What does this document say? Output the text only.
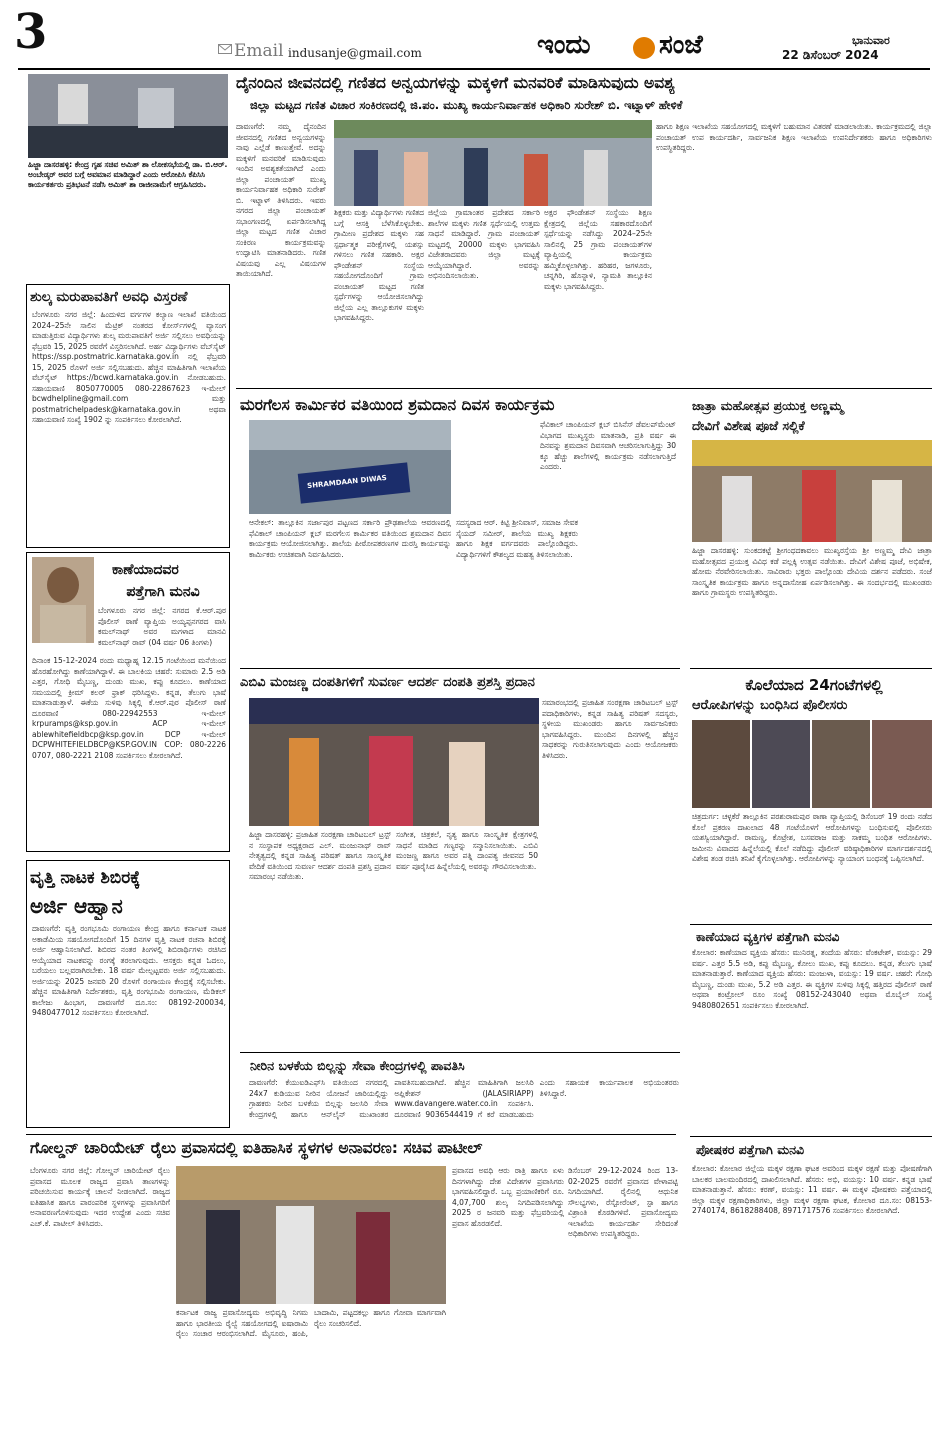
3	Email indusanje@gmail.com	ಇಂದು	ಸಂಜೆ	ಭಾನುವಾರ
22 ಡಿಸೆಂಬರ್ 2024
ಹಿಜ್ಜಾ ದಾಸರಹಳ್ಳಿ: ಕೇಂದ್ರ ಗೃಹ ಸಚಿವ ಅಮಿತ್ ಶಾ ಲೋಕಸಭೆಯಲ್ಲಿ ಡಾ. ಬಿ.ಆರ್. ಅಂಬೇಡ್ಕರ್ ಅವರ ಬಗ್ಗೆ ಅವಮಾನ ಮಾಡಿದ್ದಾರೆ ಎಂದು ಆರೋಪಿಸಿ ಕೆಪಿಸಿಸಿ ಕಾರ್ಯಕರ್ತರು ಪ್ರತಿಭಟನೆ ನಡೆಸಿ ಅಮಿತ್ ಶಾ ರಾಜೀನಾಮೆಗೆ ಆಗ್ರಹಿಸಿದರು.
ಶುಲ್ಕ ಮರುಪಾವತಿಗೆ ಅವಧಿ ವಿಸ್ತರಣೆ
ಬೆಂಗಳೂರು ನಗರ ಜಿಲ್ಲೆ: ಹಿಂದುಳಿದ ವರ್ಗಗಳ ಕಲ್ಯಾಣ ಇಲಾಖೆ ವತಿಯಿಂದ 2024–25ನೇ ಸಾಲಿನ ಮೆಟ್ರಿಕ್ ನಂತರದ ಕೋರ್ಸ್‌ಗಳಲ್ಲಿ ವ್ಯಾಸಂಗ ಮಾಡುತ್ತಿರುವ ವಿದ್ಯಾರ್ಥಿಗಳು ಶುಲ್ಕ ಮರುಪಾವತಿಗೆ ಅರ್ಜಿ ಸಲ್ಲಿಸಲು ಅವಧಿಯನ್ನು ಫೆಬ್ರವರಿ 15, 2025 ರವರೆಗೆ ವಿಸ್ತರಿಸಲಾಗಿದೆ. ಅರ್ಹ ವಿದ್ಯಾರ್ಥಿಗಳು ವೆಬ್‌ಸೈಟ್ https://ssp.postmatric.karnataka.gov.in ನಲ್ಲಿ ಫೆಬ್ರವರಿ 15, 2025 ರೊಳಗೆ ಅರ್ಜಿ ಸಲ್ಲಿಸಬಹುದು. ಹೆಚ್ಚಿನ ಮಾಹಿತಿಗಾಗಿ ಇಲಾಖೆಯ ವೆಬ್‌ಸೈಟ್ https://bcwd.karnataka.gov.in ನೋಡಬಹುದು. ಸಹಾಯವಾಣಿ 8050770005 080-22867623 ಇ-ಮೇಲ್ bcwdhelpline@gmail.com ಮತ್ತು postmatrichelpadesk@karnataka.gov.in ಅಥವಾ ಸಹಾಯವಾಣಿ ಸಂಖ್ಯೆ 1902 ನ್ನು ಸಂಪರ್ಕಿಸಲು ಕೋರಲಾಗಿದೆ.
ಕಾಣೆಯಾದವರ
ಪತ್ತೆಗಾಗಿ ಮನವಿ
ಬೆಂಗಳೂರು ನಗರ ಜಿಲ್ಲೆ: ನಗರದ ಕೆ.ಆರ್.ಪುರ ಪೊಲೀಸ್ ಠಾಣೆ ವ್ಯಾಪ್ತಿಯ ಅಯ್ಯಪ್ಪನಗರದ ವಾಸಿ ಕಮಲ್‌ನಾಥ್ ಅವರ ಮಗಳಾದ ಮಾನವಿ ಕಮಲ್‌ನಾಥ್ ರಾವ್ (04 ವರ್ಷ 06 ತಿಂಗಳು)
ದಿನಾಂಕ 15-12-2024 ರಂದು ಮಧ್ಯಾಹ್ನ 12.15 ಗಂಟೆಯಿಂದ ಮನೆಯಿಂದ ಹೊರಹೋಗಿದ್ದು ಕಾಣೆಯಾಗಿದ್ದಾಳೆ. ಈ ಬಾಲಕಿಯ ಚಹರೆ: ಸುಮಾರು 2.5 ಅಡಿ ಎತ್ತರ, ಗೋಧಿ ಮೈಬಣ್ಣ, ದುಂಡು ಮುಖ, ಕಪ್ಪು ಕೂದಲು. ಕಾಣೆಯಾದ ಸಮಯದಲ್ಲಿ ಕ್ರೀಮ್ ಕಲರ್ ಫ್ರಾಕ್ ಧರಿಸಿದ್ದಳು. ಕನ್ನಡ, ತೆಲುಗು ಭಾಷೆ ಮಾತನಾಡುತ್ತಾಳೆ. ಈಕೆಯ ಸುಳಿವು ಸಿಕ್ಕಲ್ಲಿ ಕೆ.ಆರ್.ಪುರ ಪೊಲೀಸ್ ಠಾಣೆ ದೂರವಾಣಿ 080-22942553 ಇ-ಮೇಲ್ krpuramps@ksp.gov.in ACP ಇ-ಮೇಲ್ ablewhitefieldbcp@ksp.gov.in DCP ಇ-ಮೇಲ್ DCPWHITEFIELDBCP@KSP.GOV.IN COP: 080-2226 0707, 080-2221 2108 ಸಂಪರ್ಕಿಸಲು ಕೋರಲಾಗಿದೆ.
ವೃತ್ತಿ ನಾಟಕ ಶಿಬಿರಕ್ಕೆ
ಅರ್ಜಿ ಆಹ್ವಾನ
ದಾವಣಗೆರೆ: ವೃತ್ತಿ ರಂಗಭೂಮಿ ರಂಗಾಯಣ ಕೇಂದ್ರ ಹಾಗೂ ಕರ್ನಾಟಕ ನಾಟಕ ಅಕಾಡೆಮಿಯ ಸಹಯೋಗದೊಂದಿಗೆ 15 ದಿನಗಳ ವೃತ್ತಿ ನಾಟಕ ರಚನಾ ಶಿಬಿರಕ್ಕೆ ಅರ್ಜಿ ಆಹ್ವಾನಿಸಲಾಗಿದೆ. ಶಿಬಿರದ ನಂತರ ತಿಂಗಳಲ್ಲಿ ಶಿಬಿರಾರ್ಥಿಗಳು ರಚಿಸಿದ ಆಯ್ಕೆಯಾದ ನಾಟಕವನ್ನು ರಂಗಕ್ಕೆ ತರಲಾಗುವುದು. ಆಸಕ್ತರು ಕನ್ನಡ ಓದಲು, ಬರೆಯಲು ಬಲ್ಲವರಾಗಿರಬೇಕು. 18 ವರ್ಷ ಮೇಲ್ಪಟ್ಟವರು ಅರ್ಜಿ ಸಲ್ಲಿಸಬಹುದು. ಅರ್ಜಿಯನ್ನು 2025 ಜನವರಿ 20 ರೊಳಗೆ ರಂಗಾಯಣ ಕೇಂದ್ರಕ್ಕೆ ಸಲ್ಲಿಸಬೇಕು. ಹೆಚ್ಚಿನ ಮಾಹಿತಿಗಾಗಿ ನಿರ್ದೇಶಕರು, ವೃತ್ತಿ ರಂಗಭೂಮಿ ರಂಗಾಯಣ, ಮೆಡಿಕಲ್ ಕಾಲೇಜು ಹಿಂಭಾಗ, ದಾವಣಗೆರೆ ದೂ.ಸಂ: 08192-200034, 9480477012 ಸಂಪರ್ಕಿಸಲು ಕೋರಲಾಗಿದೆ.
ದೈನಂದಿನ ಜೀವನದಲ್ಲಿ ಗಣಿತದ ಅನ್ವಯಗಳನ್ನು ಮಕ್ಕಳಿಗೆ ಮನವರಿಕೆ ಮಾಡಿಸುವುದು ಅವಶ್ಯ
ಜಿಲ್ಲಾ ಮಟ್ಟದ ಗಣಿತ ವಿಚಾರ ಸಂಕಿರಣದಲ್ಲಿ ಜಿ.ಪಂ. ಮುಖ್ಯ ಕಾರ್ಯನಿರ್ವಾಹಕ ಅಧಿಕಾರಿ ಸುರೇಶ್ ಬಿ. ಇಟ್ನಾಳ್ ಹೇಳಿಕೆ
ದಾವಣಗೆರೆ: ನಮ್ಮ ದೈನಂದಿನ ಜೀವನದಲ್ಲಿ ಗಣಿತದ ಅನ್ವಯಗಳನ್ನು ನಾವು ಎಲ್ಲೆಡೆ ಕಾಣುತ್ತೇವೆ. ಅದನ್ನು ಮಕ್ಕಳಿಗೆ ಮನವರಿಕೆ ಮಾಡಿಸುವುದು ಇಂದಿನ ಅವಶ್ಯಕತೆಯಾಗಿದೆ ಎಂದು ಜಿಲ್ಲಾ ಪಂಚಾಯತ್ ಮುಖ್ಯ ಕಾರ್ಯನಿರ್ವಾಹಕ ಅಧಿಕಾರಿ ಸುರೇಶ್ ಬಿ. ಇಟ್ನಾಳ್ ತಿಳಿಸಿದರು. ಇವರು ನಗರದ ಜಿಲ್ಲಾ ಪಂಚಾಯತ್ ಸಭಾಂಗಣದಲ್ಲಿ ಏರ್ಪಡಿಸಲಾಗಿದ್ದ ಜಿಲ್ಲಾ ಮಟ್ಟದ ಗಣಿತ ವಿಚಾರ ಸಂಕಿರಣ ಕಾರ್ಯಕ್ರಮವನ್ನು ಉದ್ಘಾಟಿಸಿ ಮಾತನಾಡಿದರು. ಗಣಿತ ವಿಷಯವು ಎಲ್ಲ ವಿಷಯಗಳ ತಾಯಿಯಾಗಿದೆ.
ಶಿಕ್ಷಕರು ಮತ್ತು ವಿದ್ಯಾರ್ಥಿಗಳು ಗಣಿತದ ಬಗ್ಗೆ ಆಸಕ್ತಿ ಬೆಳೆಸಿಕೊಳ್ಳಬೇಕು. ಗ್ರಾಮೀಣ ಪ್ರದೇಶದ ಮಕ್ಕಳು ಸಹ ಸ್ಪರ್ಧಾತ್ಮಕ ಪರೀಕ್ಷೆಗಳಲ್ಲಿ ಯಶಸ್ಸು ಗಳಿಸಲು ಗಣಿತ ಸಹಕಾರಿ. ಅಕ್ಷರ ಫೌಂಡೇಶನ್ ಸಂಸ್ಥೆಯ ಸಹಯೋಗದೊಂದಿಗೆ ಗ್ರಾಮ ಪಂಚಾಯತ್ ಮಟ್ಟದ ಗಣಿತ ಸ್ಪರ್ಧೆಗಳನ್ನು ಆಯೋಜಿಸಲಾಗಿದ್ದು ಜಿಲ್ಲೆಯ ಎಲ್ಲ ತಾಲ್ಲೂಕುಗಳ ಮಕ್ಕಳು ಭಾಗವಹಿಸಿದ್ದರು.
ಜಿಲ್ಲೆಯ ಗ್ರಾಮಾಂತರ ಪ್ರದೇಶದ ಸರ್ಕಾರಿ ಶಾಲೆಗಳ ಮಕ್ಕಳು ಗಣಿತ ಸ್ಪರ್ಧೆಯಲ್ಲಿ ಉತ್ತಮ ಸಾಧನೆ ಮಾಡಿದ್ದಾರೆ. ಗ್ರಾಮ ಪಂಚಾಯತ್ ಮಟ್ಟದಲ್ಲಿ 20000 ಮಕ್ಕಳು ಭಾಗವಹಿಸಿ ವಿಜೇತರಾದವರು ಜಿಲ್ಲಾ ಮಟ್ಟಕ್ಕೆ ಆಯ್ಕೆಯಾಗಿದ್ದಾರೆ. ಅವರನ್ನು ಅಭಿನಂದಿಸಲಾಯಿತು.
ಅಕ್ಷರ ಫೌಂಡೇಶನ್ ಸಂಸ್ಥೆಯು ಶಿಕ್ಷಣ ಕ್ಷೇತ್ರದಲ್ಲಿ ಜಿಲ್ಲೆಯ ಸಹಕಾರದೊಂದಿಗೆ ಸ್ಪರ್ಧೆಯನ್ನು ನಡೆಸಿದ್ದು 2024–25ನೇ ಸಾಲಿನಲ್ಲಿ 25 ಗ್ರಾಮ ಪಂಚಾಯತ್‌ಗಳ ವ್ಯಾಪ್ತಿಯಲ್ಲಿ ಕಾರ್ಯಕ್ರಮ ಹಮ್ಮಿಕೊಳ್ಳಲಾಗಿತ್ತು. ಹರಿಹರ, ಜಗಳೂರು, ಚನ್ನಗಿರಿ, ಹೊನ್ನಾಳಿ, ನ್ಯಾಮತಿ ತಾಲ್ಲೂಕಿನ ಮಕ್ಕಳು ಭಾಗವಹಿಸಿದ್ದರು.
ಹಾಗೂ ಶಿಕ್ಷಣ ಇಲಾಖೆಯ ಸಹಯೋಗದಲ್ಲಿ ಮಕ್ಕಳಿಗೆ ಬಹುಮಾನ ವಿತರಣೆ ಮಾಡಲಾಯಿತು. ಕಾರ್ಯಕ್ರಮದಲ್ಲಿ ಜಿಲ್ಲಾ ಪಂಚಾಯತ್ ಉಪ ಕಾರ್ಯದರ್ಶಿ, ಸಾರ್ವಜನಿಕ ಶಿಕ್ಷಣ ಇಲಾಖೆಯ ಉಪನಿರ್ದೇಶಕರು ಹಾಗೂ ಅಧಿಕಾರಿಗಳು ಉಪಸ್ಥಿತರಿದ್ದರು.
ಮರಗೆಲಸ ಕಾರ್ಮಿಕರ ವತಿಯಿಂದ ಶ್ರಮದಾನ ದಿವಸ ಕಾರ್ಯಕ್ರಮ
SHRAMDAAN DIWAS
ಆನೇಕಲ್: ತಾಲ್ಲೂಕಿನ ಸರ್ಜಾಪುರ ಪಟ್ಟಣದ ಸರ್ಕಾರಿ ಪ್ರೌಢಶಾಲೆಯ ಆವರಣದಲ್ಲಿ ಫೆವಿಕಾಲ್ ಚಾಂಪಿಯನ್ ಕ್ಲಬ್ ಮರಗೆಲಸ ಕಾರ್ಮಿಕರ ವತಿಯಿಂದ ಶ್ರಮದಾನ ದಿವಸ ಕಾರ್ಯಕ್ರಮ ಆಯೋಜಿಸಲಾಗಿತ್ತು. ಶಾಲೆಯ ಪೀಠೋಪಕರಣಗಳ ದುರಸ್ತಿ ಕಾರ್ಯವನ್ನು ಕಾರ್ಮಿಕರು ಉಚಿತವಾಗಿ ನಿರ್ವಹಿಸಿದರು.
ಸದಸ್ಯರಾದ ಆರ್. ಕಿಟ್ಟಿ ಶ್ರೀನಿವಾಸ್, ಸಮಾಜ ಸೇವಕ ಸೈಯದ್ ಸಮೀರ್, ಶಾಲೆಯ ಮುಖ್ಯ ಶಿಕ್ಷಕರು ಹಾಗೂ ಶಿಕ್ಷಕ ವರ್ಗದವರು ಪಾಲ್ಗೊಂಡಿದ್ದರು. ವಿದ್ಯಾರ್ಥಿಗಳಿಗೆ ಕೌಶಲ್ಯದ ಮಹತ್ವ ತಿಳಿಸಲಾಯಿತು.
ಫೆವಿಕಾಲ್ ಚಾಂಪಿಯನ್ ಕ್ಲಬ್ ಬಿಸಿನೆಸ್ ಡೆವಲಪ್‌ಮೆಂಟ್ ವಿಭಾಗದ ಮುಖ್ಯಸ್ಥರು ಮಾತನಾಡಿ, ಪ್ರತಿ ವರ್ಷ ಈ ದಿನವನ್ನು ಶ್ರಮದಾನ ದಿವಸವಾಗಿ ಆಚರಿಸಲಾಗುತ್ತಿದ್ದು 30 ಕ್ಕೂ ಹೆಚ್ಚು ಶಾಲೆಗಳಲ್ಲಿ ಕಾರ್ಯಕ್ರಮ ನಡೆಸಲಾಗುತ್ತಿದೆ ಎಂದರು.
ಜಾತ್ರಾ ಮಹೋತ್ಸವ ಪ್ರಯುಕ್ತ ಅಣ್ಣಮ್ಮ
ದೇವಿಗೆ ವಿಶೇಷ ಪೂಜೆ ಸಲ್ಲಿಕೆ
ಹಿಜ್ಜಾ ದಾಸರಹಳ್ಳಿ: ಸುಂಕದಕಟ್ಟೆ ಶ್ರೀಗಂಧದಕಾವಲು ಮುಖ್ಯರಸ್ತೆಯ ಶ್ರೀ ಅಣ್ಣಮ್ಮ ದೇವಿ ಜಾತ್ರಾ ಮಹೋತ್ಸವದ ಪ್ರಯುಕ್ತ ವಿವಿಧ ಕಡೆ ಪಲ್ಲಕ್ಕಿ ಉತ್ಸವ ನಡೆಯಿತು. ದೇವಿಗೆ ವಿಶೇಷ ಪೂಜೆ, ಅಭಿಷೇಕ, ಹೋಮ ನೆರವೇರಿಸಲಾಯಿತು. ಸಾವಿರಾರು ಭಕ್ತರು ಪಾಲ್ಗೊಂಡು ದೇವಿಯ ದರ್ಶನ ಪಡೆದರು. ಸಂಜೆ ಸಾಂಸ್ಕೃತಿಕ ಕಾರ್ಯಕ್ರಮ ಹಾಗೂ ಅನ್ನದಾಸೋಹ ಏರ್ಪಡಿಸಲಾಗಿತ್ತು. ಈ ಸಂದರ್ಭದಲ್ಲಿ ಮುಖಂಡರು ಹಾಗೂ ಗ್ರಾಮಸ್ಥರು ಉಪಸ್ಥಿತರಿದ್ದರು.
ಎಬಿವಿ ಮಂಜಣ್ಣ ದಂಪತಿಗಳಿಗೆ ಸುವರ್ಣ ಆದರ್ಶ ದಂಪತಿ ಪ್ರಶಸ್ತಿ ಪ್ರದಾನ
ಹಿಜ್ಜಾ ದಾಸರಹಳ್ಳಿ: ಪ್ರಜಾಹಿತ ಸಂರಕ್ಷಣಾ ಚಾರಿಟಬಲ್ ಟ್ರಸ್ಟ್ ನ ಸಂಸ್ಥಾಪಕ ಅಧ್ಯಕ್ಷರಾದ ಎಲ್. ಮಂಜುನಾಥ್ ರಾವ್ ನೇತೃತ್ವದಲ್ಲಿ ಕನ್ನಡ ಸಾಹಿತ್ಯ ಪರಿಷತ್ ಹಾಗೂ ಸಾಂಸ್ಕೃತಿಕ ವೇದಿಕೆ ವತಿಯಿಂದ ಸುವರ್ಣ ಆದರ್ಶ ದಂಪತಿ ಪ್ರಶಸ್ತಿ ಪ್ರದಾನ ಸಮಾರಂಭ ನಡೆಯಿತು.
ಸಂಗೀತ, ಚಿತ್ರಕಲೆ, ನೃತ್ಯ ಹಾಗೂ ಸಾಂಸ್ಕೃತಿಕ ಕ್ಷೇತ್ರಗಳಲ್ಲಿ ಸಾಧನೆ ಮಾಡಿದ ಗಣ್ಯರನ್ನು ಸನ್ಮಾನಿಸಲಾಯಿತು. ಎಬಿವಿ ಮಂಜಣ್ಣ ಹಾಗೂ ಅವರ ಪತ್ನಿ ದಾಂಪತ್ಯ ಜೀವನದ 50 ವರ್ಷ ಪೂರೈಸಿದ ಹಿನ್ನೆಲೆಯಲ್ಲಿ ಅವರನ್ನು ಗೌರವಿಸಲಾಯಿತು.
ಸಮಾರಂಭದಲ್ಲಿ ಪ್ರಜಾಹಿತ ಸಂರಕ್ಷಣಾ ಚಾರಿಟಬಲ್ ಟ್ರಸ್ಟ್ ಪದಾಧಿಕಾರಿಗಳು, ಕನ್ನಡ ಸಾಹಿತ್ಯ ಪರಿಷತ್ ಸದಸ್ಯರು, ಸ್ಥಳೀಯ ಮುಖಂಡರು ಹಾಗೂ ಸಾರ್ವಜನಿಕರು ಭಾಗವಹಿಸಿದ್ದರು. ಮುಂದಿನ ದಿನಗಳಲ್ಲಿ ಹೆಚ್ಚಿನ ಸಾಧಕರನ್ನು ಗುರುತಿಸಲಾಗುವುದು ಎಂದು ಆಯೋಜಕರು ತಿಳಿಸಿದರು.
ನೀರಿನ ಬಳಕೆಯ ಬಿಲ್ಲನ್ನು ಸೇವಾ ಕೇಂದ್ರಗಳಲ್ಲಿ ಪಾವತಿಸಿ
ದಾವಣಗೆರೆ: ಕೆಯುಐಡಿಎಫ್‌ಸಿ ವತಿಯಿಂದ ನಗರದಲ್ಲಿ 24x7 ಕುಡಿಯುವ ನೀರಿನ ಯೋಜನೆ ಜಾರಿಯಲ್ಲಿದ್ದು ಗ್ರಾಹಕರು ನೀರಿನ ಬಳಕೆಯ ಬಿಲ್ಲನ್ನು ಜಲಸಿರಿ ಸೇವಾ ಕೇಂದ್ರಗಳಲ್ಲಿ ಹಾಗೂ ಆನ್‌ಲೈನ್ ಮುಖಾಂತರ ಪಾವತಿಸಬಹುದಾಗಿದೆ. ಹೆಚ್ಚಿನ ಮಾಹಿತಿಗಾಗಿ ಜಲಸಿರಿ ಅಪ್ಲಿಕೇಶನ್ (JALASIRIAPP) www.davangere.water.co.in ಸಂಪರ್ಕಿಸಿ. ದೂರವಾಣಿ 9036544419 ಗೆ ಕರೆ ಮಾಡಬಹುದು ಎಂದು ಸಹಾಯಕ ಕಾರ್ಯಪಾಲಕ ಅಭಿಯಂತರರು ತಿಳಿಸಿದ್ದಾರೆ.
ಕೊಲೆಯಾದ 24ಗಂಟೆಗಳಲ್ಲಿ
ಆರೋಪಿಗಳನ್ನು ಬಂಧಿಸಿದ ಪೊಲೀಸರು
ಚಿತ್ರದುರ್ಗ: ಚಳ್ಳಕೆರೆ ತಾಲ್ಲೂಕಿನ ಪರಶುರಾಮಪುರ ಠಾಣಾ ವ್ಯಾಪ್ತಿಯಲ್ಲಿ ಡಿಸೆಂಬರ್ 19 ರಂದು ನಡೆದ ಕೊಲೆ ಪ್ರಕರಣ ದಾಖಲಾದ 48 ಗಂಟೆಯೊಳಗೆ ಆರೋಪಿಗಳನ್ನು ಬಂಧಿಸುವಲ್ಲಿ ಪೊಲೀಸರು ಯಶಸ್ವಿಯಾಗಿದ್ದಾರೆ. ರಾಮಣ್ಣ, ಕೊಟ್ರೇಶ, ಬಸವರಾಜ ಮತ್ತು ಸಾಕಮ್ಮ ಬಂಧಿತ ಆರೋಪಿಗಳು. ಜಮೀನು ವಿವಾದದ ಹಿನ್ನೆಲೆಯಲ್ಲಿ ಕೊಲೆ ನಡೆದಿದ್ದು ಪೊಲೀಸ್ ವರಿಷ್ಠಾಧಿಕಾರಿಗಳ ಮಾರ್ಗದರ್ಶನದಲ್ಲಿ ವಿಶೇಷ ತಂಡ ರಚಿಸಿ ತನಿಖೆ ಕೈಗೊಳ್ಳಲಾಗಿತ್ತು. ಆರೋಪಿಗಳನ್ನು ನ್ಯಾಯಾಂಗ ಬಂಧನಕ್ಕೆ ಒಪ್ಪಿಸಲಾಗಿದೆ.
ಕಾಣೆಯಾದ ವ್ಯಕ್ತಿಗಳ ಪತ್ತೆಗಾಗಿ ಮನವಿ
ಕೋಲಾರ: ಕಾಣೆಯಾದ ವ್ಯಕ್ತಿಯ ಹೆಸರು: ಮುನಿರತ್ನ, ತಂದೆಯ ಹೆಸರು: ವೆಂಕಟೇಶ್, ವಯಸ್ಸು: 29 ವರ್ಷ. ಎತ್ತರ 5.5 ಅಡಿ, ಕಪ್ಪು ಮೈಬಣ್ಣ, ಕೋಲು ಮುಖ, ಕಪ್ಪು ಕೂದಲು. ಕನ್ನಡ, ತೆಲುಗು ಭಾಷೆ ಮಾತನಾಡುತ್ತಾರೆ. ಕಾಣೆಯಾದ ವ್ಯಕ್ತಿಯ ಹೆಸರು: ಮಂಜುಳಾ, ವಯಸ್ಸು: 19 ವರ್ಷ. ಚಹರೆ: ಗೋಧಿ ಮೈಬಣ್ಣ, ದುಂಡು ಮುಖ, 5.2 ಅಡಿ ಎತ್ತರ. ಈ ವ್ಯಕ್ತಿಗಳ ಸುಳಿವು ಸಿಕ್ಕಲ್ಲಿ ಹತ್ತಿರದ ಪೊಲೀಸ್ ಠಾಣೆ ಅಥವಾ ಕಂಟ್ರೋಲ್ ರೂಂ ಸಂಖ್ಯೆ 08152-243040 ಅಥವಾ ಮೊಬೈಲ್ ಸಂಖ್ಯೆ 9480802651 ಸಂಪರ್ಕಿಸಲು ಕೋರಲಾಗಿದೆ.
ಗೋಲ್ಡನ್ ಚಾರಿಯೇಟ್ ರೈಲು ಪ್ರವಾಸದಲ್ಲಿ ಐತಿಹಾಸಿಕ ಸ್ಥಳಗಳ ಅನಾವರಣ: ಸಚಿವ ಪಾಟೀಲ್
ಬೆಂಗಳೂರು ನಗರ ಜಿಲ್ಲೆ: ಗೋಲ್ಡನ್ ಚಾರಿಯೇಟ್ ರೈಲು ಪ್ರವಾಸದ ಮೂಲಕ ರಾಜ್ಯದ ಪ್ರವಾಸಿ ತಾಣಗಳನ್ನು ಪರಿಚಯಿಸುವ ಕಾರ್ಯಕ್ಕೆ ಚಾಲನೆ ನೀಡಲಾಗಿದೆ. ರಾಜ್ಯದ ಐತಿಹಾಸಿಕ ಹಾಗೂ ಪಾರಂಪರಿಕ ಸ್ಥಳಗಳನ್ನು ಪ್ರವಾಸಿಗರಿಗೆ ಅನಾವರಣಗೊಳಿಸುವುದು ಇದರ ಉದ್ದೇಶ ಎಂದು ಸಚಿವ ಎಚ್.ಕೆ. ಪಾಟೀಲ್ ತಿಳಿಸಿದರು.
ಕರ್ನಾಟಕ ರಾಜ್ಯ ಪ್ರವಾಸೋದ್ಯಮ ಅಭಿವೃದ್ಧಿ ನಿಗಮ ಹಾಗೂ ಭಾರತೀಯ ರೈಲ್ವೆ ಸಹಯೋಗದಲ್ಲಿ ಐಷಾರಾಮಿ ರೈಲು ಸಂಚಾರ ಆರಂಭಿಸಲಾಗಿದೆ. ಮೈಸೂರು, ಹಂಪಿ, ಬಾದಾಮಿ, ಪಟ್ಟದಕಲ್ಲು ಹಾಗೂ ಗೋವಾ ಮಾರ್ಗವಾಗಿ ರೈಲು ಸಂಚರಿಸಲಿದೆ.
ಪ್ರವಾಸದ ಅವಧಿ ಆರು ರಾತ್ರಿ ಹಾಗೂ ಏಳು ದಿನಗಳಾಗಿದ್ದು ದೇಶ ವಿದೇಶಗಳ ಪ್ರವಾಸಿಗರು ಭಾಗವಹಿಸಲಿದ್ದಾರೆ. ಒಬ್ಬ ಪ್ರಯಾಣಿಕರಿಗೆ ರೂ. 4,07,700 ಶುಲ್ಕ ನಿಗದಿಪಡಿಸಲಾಗಿದ್ದು 2025 ರ ಜನವರಿ ಮತ್ತು ಫೆಬ್ರವರಿಯಲ್ಲಿ ಪ್ರವಾಸ ಹೊರಡಲಿದೆ.
ಡಿಸೆಂಬರ್ 29-12-2024 ರಿಂದ 13-02-2025 ರವರೆಗೆ ಪ್ರವಾಸದ ವೇಳಾಪಟ್ಟಿ ನಿಗದಿಯಾಗಿದೆ. ರೈಲಿನಲ್ಲಿ ಆಧುನಿಕ ಸೌಲಭ್ಯಗಳು, ರೆಸ್ಟೋರೆಂಟ್, ಸ್ಪಾ ಹಾಗೂ ವಿಶ್ರಾಂತಿ ಕೊಠಡಿಗಳಿವೆ. ಪ್ರವಾಸೋದ್ಯಮ ಇಲಾಖೆಯ ಕಾರ್ಯದರ್ಶಿ ಸೇರಿದಂತೆ ಅಧಿಕಾರಿಗಳು ಉಪಸ್ಥಿತರಿದ್ದರು.
ಪೋಷಕರ ಪತ್ತೆಗಾಗಿ ಮನವಿ
ಕೋಲಾರ: ಕೋಲಾರ ಜಿಲ್ಲೆಯ ಮಕ್ಕಳ ರಕ್ಷಣಾ ಘಟಕ ಅವರಿಂದ ಮಕ್ಕಳ ರಕ್ಷಣೆ ಮತ್ತು ಪೋಷಣೆಗಾಗಿ ಬಾಲಕರ ಬಾಲಮಂದಿರದಲ್ಲಿ ದಾಖಲಿಸಲಾಗಿದೆ. ಹೆಸರು: ಅಭಿ, ವಯಸ್ಸು: 10 ವರ್ಷ. ಕನ್ನಡ ಭಾಷೆ ಮಾತನಾಡುತ್ತಾನೆ. ಹೆಸರು: ಕರಣ್, ವಯಸ್ಸು: 11 ವರ್ಷ. ಈ ಮಕ್ಕಳ ಪೋಷಕರು ಪತ್ತೆಯಾದಲ್ಲಿ ಜಿಲ್ಲಾ ಮಕ್ಕಳ ರಕ್ಷಣಾಧಿಕಾರಿಗಳು, ಜಿಲ್ಲಾ ಮಕ್ಕಳ ರಕ್ಷಣಾ ಘಟಕ, ಕೋಲಾರ ದೂ.ಸಂ: 08153-2740174, 8618288408, 8971717576 ಸಂಪರ್ಕಿಸಲು ಕೋರಲಾಗಿದೆ.
